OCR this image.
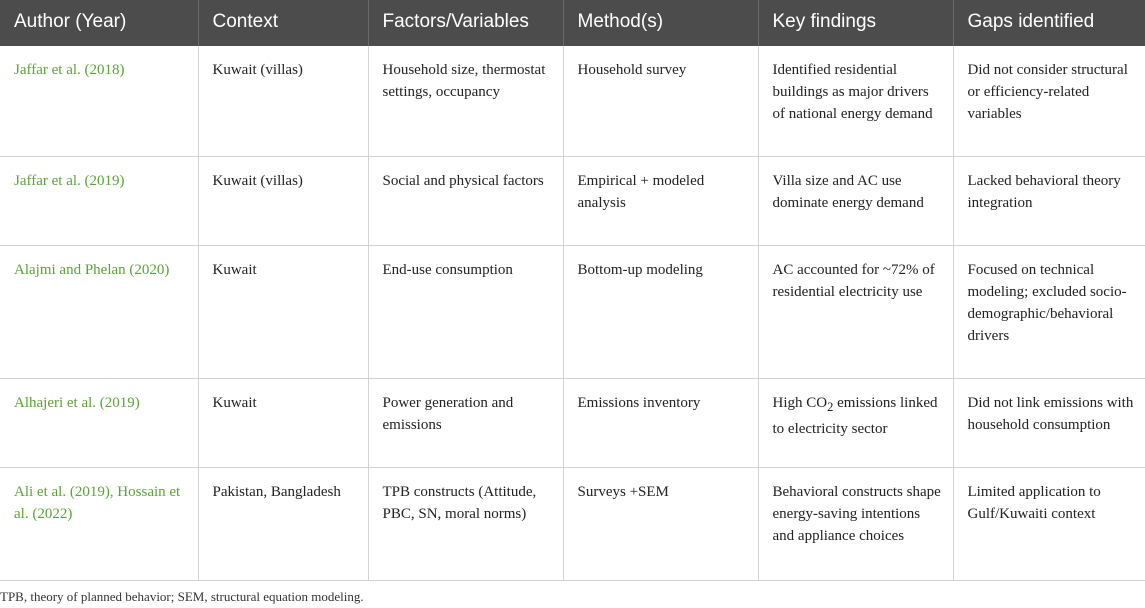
Author (Year)	Context	Factors/Variables	Method(s)	Key findings	Gaps identified
Jaffar et al. (2018)	Kuwait (villas)	Household size, thermostat settings, occupancy	Household survey	Identified residential buildings as major drivers of national energy demand	Did not consider structural or efficiency-related variables
Jaffar et al. (2019)	Kuwait (villas)	Social and physical factors	Empirical + modeled analysis	Villa size and AC use dominate energy demand	Lacked behavioral theory integration
Alajmi and Phelan (2020)	Kuwait	End-use consumption	Bottom-up modeling	AC accounted for ~72% of residential electricity use	Focused on technical modeling; excluded socio-demographic/behavioral drivers
Alhajeri et al. (2019)	Kuwait	Power generation and emissions	Emissions inventory	High $CO_2$ emissions linked to electricity sector	Did not link emissions with household consumption
Ali et al. (2019), Hossain et al. (2022)	Pakistan, Bangladesh	TPB constructs (Attitude, PBC, SN, moral norms)	Surveys +SEM	Behavioral constructs shape energy-saving intentions and appliance choices	Limited application to Gulf/Kuwaiti context
TPB, theory of planned behavior; SEM, structural equation modeling.
